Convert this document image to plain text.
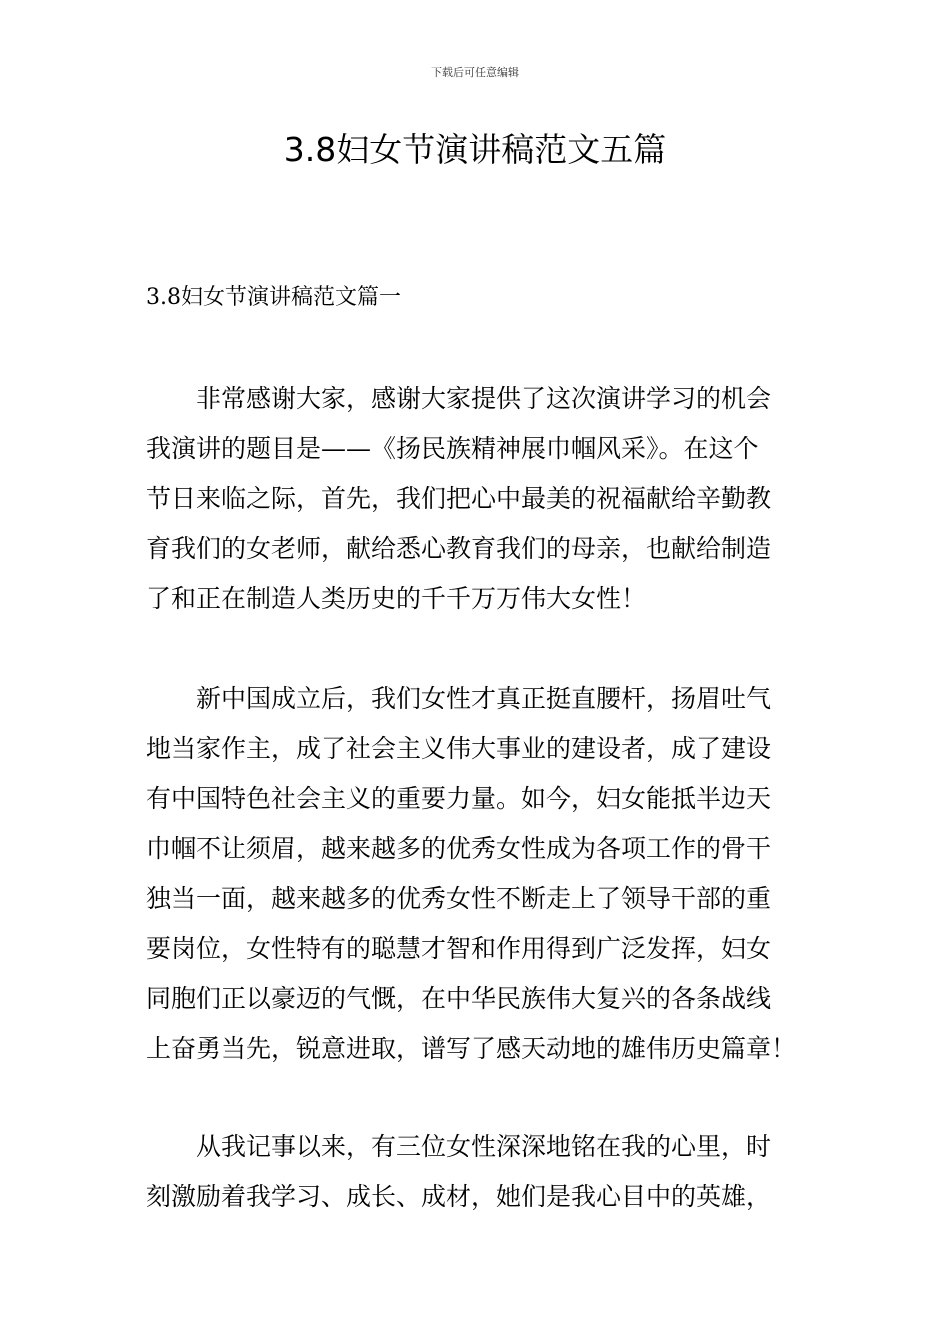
下载后可任意编辑
3.8妇女节演讲稿范文五篇
3.8妇女节演讲稿范文篇一
非常感谢大家，感谢大家提供了这次演讲学习的机会
我演讲的题目是——《扬民族精神展巾帼风采》。在这个
节日来临之际，首先，我们把心中最美的祝福献给辛勤教
育我们的女老师，献给悉心教育我们的母亲，也献给制造
了和正在制造人类历史的千千万万伟大女性！
新中国成立后，我们女性才真正挺直腰杆，扬眉吐气
地当家作主，成了社会主义伟大事业的建设者，成了建设
有中国特色社会主义的重要力量。如今，妇女能抵半边天
巾帼不让须眉，越来越多的优秀女性成为各项工作的骨干
独当一面，越来越多的优秀女性不断走上了领导干部的重
要岗位，女性特有的聪慧才智和作用得到广泛发挥，妇女
同胞们正以豪迈的气慨，在中华民族伟大复兴的各条战线
上奋勇当先，锐意进取，谱写了感天动地的雄伟历史篇章！
从我记事以来，有三位女性深深地铭在我的心里，时
刻激励着我学习、成长、成材，她们是我心目中的英雄，
